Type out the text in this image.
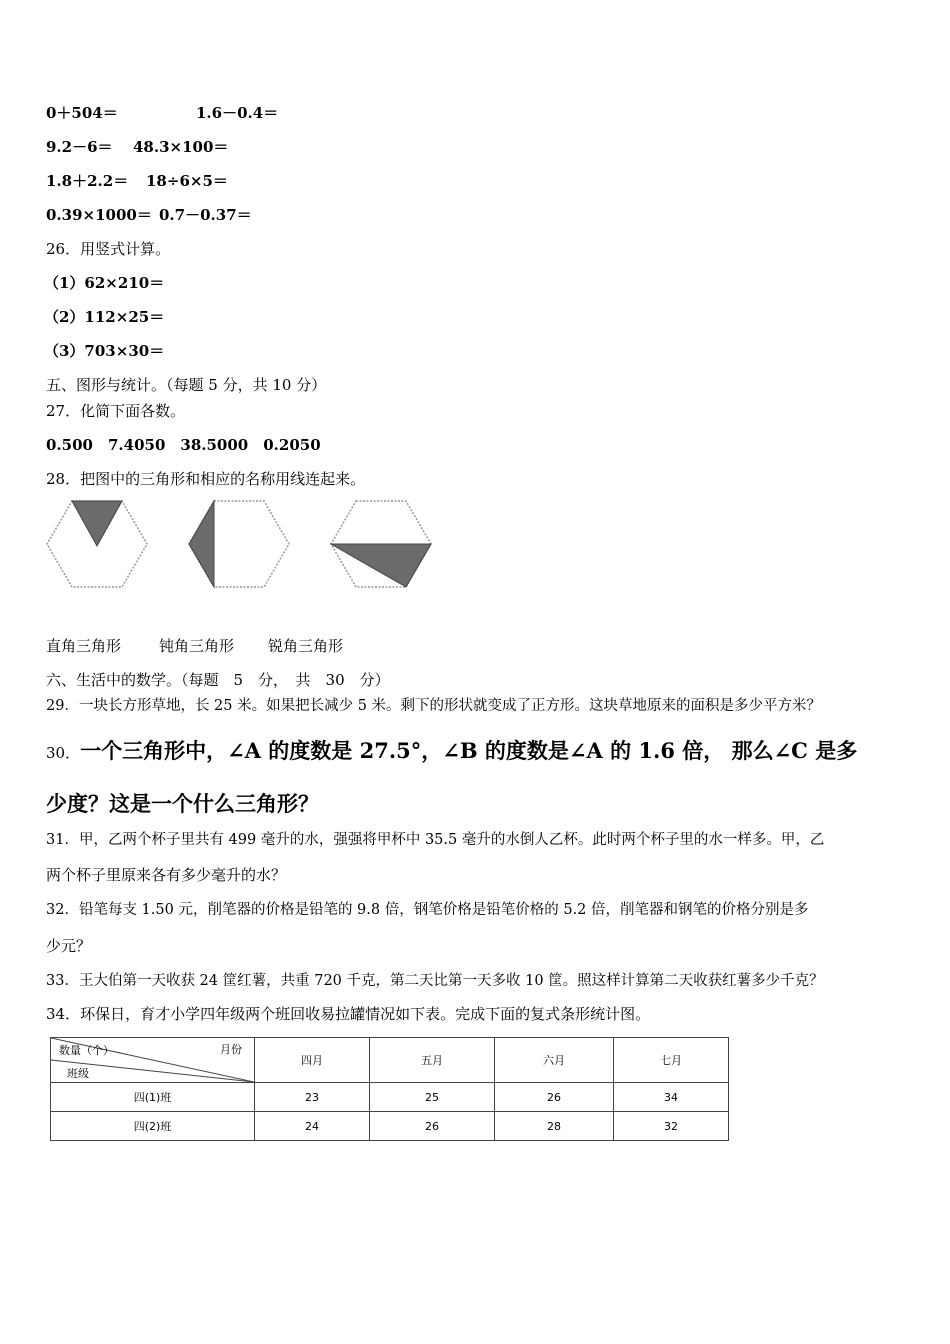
0＋504＝	1.6－0.4＝
9.2－6＝ 48.3×100＝
1.8＋2.2＝ 18÷6×5＝
0.39×1000＝ 0.7－0.37＝
26．用竖式计算。
（1）62×210＝
（2）112×25＝
（3）703×30＝
五、图形与统计。（每题 5 分，共 10 分）
27．化简下面各数。
0.500　7.4050　38.5000　0.2050
28．把图中的三角形和相应的名称用线连起来。
直角三角形	钝角三角形 锐角三角形
六、生活中的数学。（每题　5　分，　共　30　分）
29．一块长方形草地，长 25 米。如果把长减少 5 米。剩下的形状就变成了正方形。这块草地原来的面积是多少平方米？
30．一个三角形中，∠A 的度数是 27.5°，∠B 的度数是∠A 的 1.6 倍， 那么∠C 是多
少度？这是一个什么三角形？
31．甲，乙两个杯子里共有 499 毫升的水，强强将甲杯中 35.5 毫升的水倒人乙杯。此时两个杯子里的水一样多。甲，乙
两个杯子里原来各有多少毫升的水？
32．铅笔每支 1.50 元，削笔器的价格是铅笔的 9.8 倍，钢笔价格是铅笔价格的 5.2 倍，削笔器和钢笔的价格分别是多
少元？
33．王大伯第一天收获 24 筐红薯，共重 720 千克，第二天比第一天多收 10 筐。照这样计算第二天收获红薯多少千克？
34．环保日，育才小学四年级两个班回收易拉罐情况如下表。完成下面的复式条形统计图。
数量（个） 月份
班级	四月	五月	六月	七月
四(1)班	23	25	26	34
四(2)班	24	26	28	32
